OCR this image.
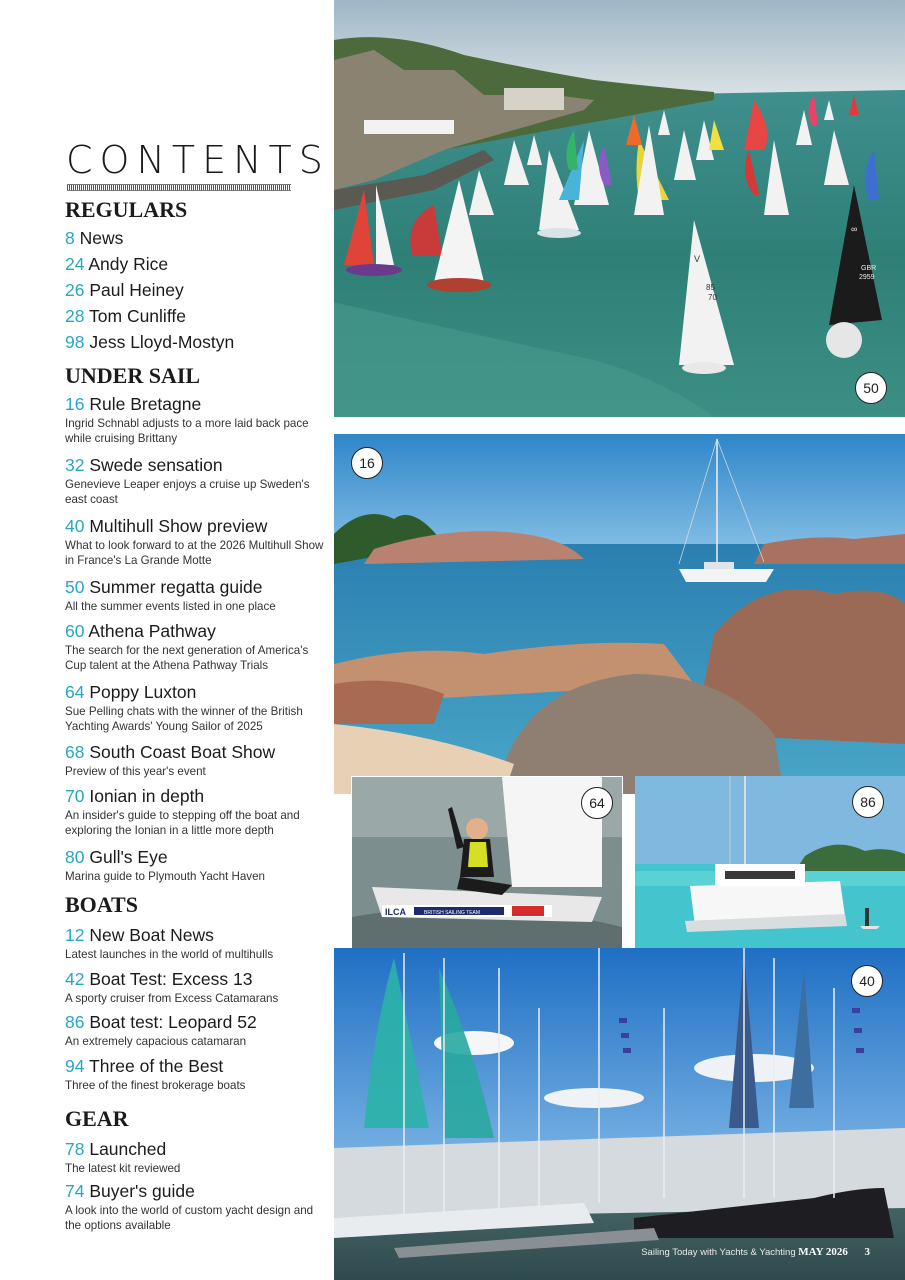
CONTENTS
REGULARS
8 News
24 Andy Rice
26 Paul Heiney
28 Tom Cunliffe
98 Jess Lloyd-Mostyn
UNDER SAIL
16 Rule Bretagne
Ingrid Schnabl adjusts to a more laid back pace while cruising Brittany
32 Swede sensation
Genevieve Leaper enjoys a cruise up Sweden's east coast
40 Multihull Show preview
What to look forward to at the 2026 Multihull Show in France's La Grande Motte
50 Summer regatta guide
All the summer events listed in one place
60 Athena Pathway
The search for the next generation of America's Cup talent at the Athena Pathway Trials
64 Poppy Luxton
Sue Pelling chats with the winner of the British Yachting Awards' Young Sailor of 2025
68 South Coast Boat Show
Preview of this year's event
70 Ionian in depth
An insider's guide to stepping off the boat and exploring the Ionian in a little more depth
80 Gull's Eye
Marina guide to Plymouth Yacht Haven
BOATS
12 New Boat News
Latest launches in the world of multihulls
42 Boat Test: Excess 13
A sporty cruiser from Excess Catamarans
86 Boat test: Leopard 52
An extremely capacious catamaran
94 Three of the Best
Three of the finest brokerage boats
GEAR
78 Launched
The latest kit reviewed
74 Buyer's guide
A look into the world of custom yacht design and the options available
V
85
70
∞
GBR
2959
50
16
ILCA	BRITISH SAILING TEAM
64	86
40
Sailing Today with Yachts & Yachting MAY 2026 3
